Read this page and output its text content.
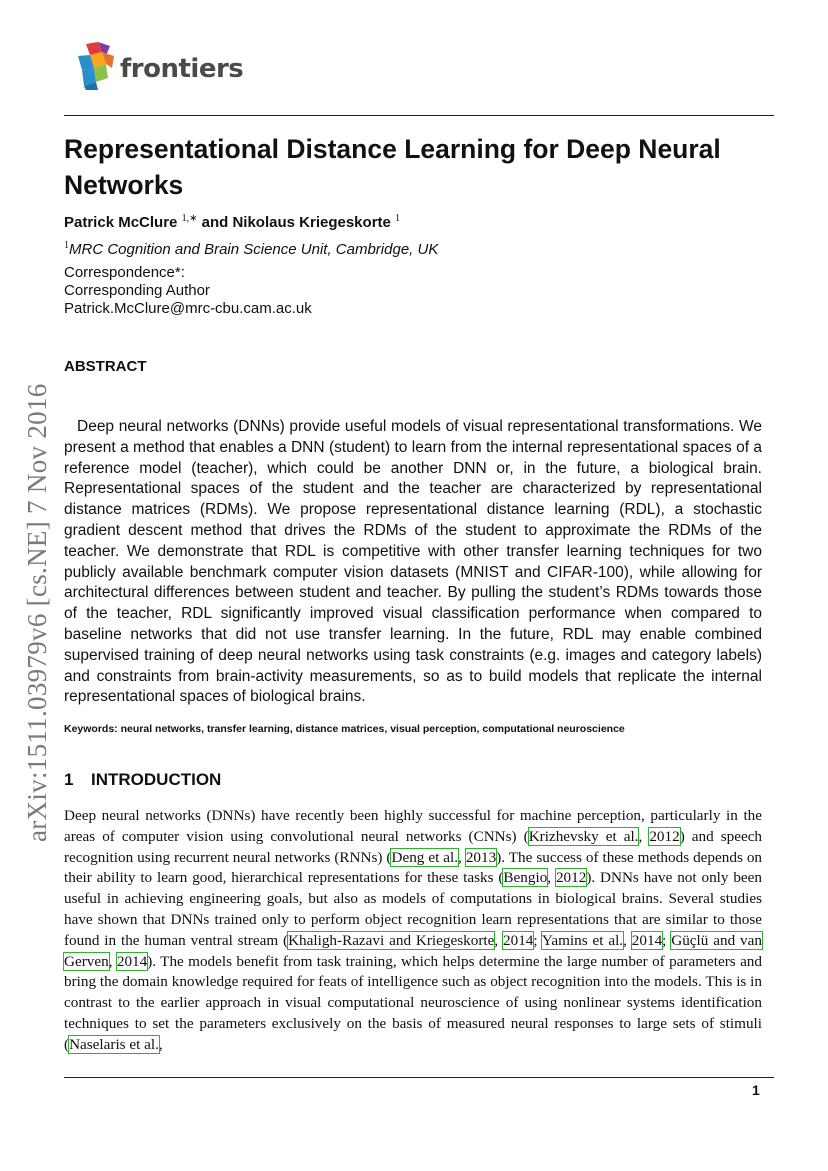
frontiers
Representational Distance Learning for Deep Neural Networks
Patrick McClure $^{1,∗}$ and Nikolaus Kriegeskorte $^1$
$^1$MRC Cognition and Brain Science Unit, Cambridge, UK
Correspondence*:
Corresponding Author
Patrick.McClure@mrc-cbu.cam.ac.uk
ABSTRACT

Deep neural networks (DNNs) provide useful models of visual representational transformations. We present a method that enables a DNN (student) to learn from the internal representational spaces of a reference model (teacher), which could be another DNN or, in the future, a biological brain. Representational spaces of the student and the teacher are characterized by representational distance matrices (RDMs). We propose representational distance learning (RDL), a stochastic gradient descent method that drives the RDMs of the student to approximate the RDMs of the teacher. We demonstrate that RDL is competitive with other transfer learning techniques for two publicly available benchmark computer vision datasets (MNIST and CIFAR-100), while allowing for architectural differences between student and teacher. By pulling the student’s RDMs towards those of the teacher, RDL significantly improved visual classification performance when compared to baseline networks that did not use transfer learning. In the future, RDL may enable combined supervised training of deep neural networks using task constraints (e.g. images and category labels) and constraints from brain-activity measurements, so as to build models that replicate the internal representational spaces of biological brains.

Keywords: neural networks, transfer learning, distance matrices, visual perception, computational neuroscience
1 INTRODUCTION

Deep neural networks (DNNs) have recently been highly successful for machine perception, particularly in the areas of computer vision using convolutional neural networks (CNNs) (Krizhevsky et al., 2012) and speech recognition using recurrent neural networks (RNNs) (Deng et al., 2013). The success of these methods depends on their ability to learn good, hierarchical representations for these tasks (Bengio, 2012). DNNs have not only been useful in achieving engineering goals, but also as models of computations in biological brains. Several studies have shown that DNNs trained only to perform object recognition learn representations that are similar to those found in the human ventral stream (Khaligh-Razavi and Kriegeskorte, 2014; Yamins et al., 2014; Güçlü and van Gerven, 2014). The models benefit from task training, which helps determine the large number of parameters and bring the domain knowledge required for feats of intelligence such as object recognition into the models. This is in contrast to the earlier approach in visual computational neuroscience of using nonlinear systems identification techniques to set the parameters exclusively on the basis of measured neural responses to large sets of stimuli (Naselaris et al.,

arXiv:1511.03979v6 [cs.NE] 7 Nov 2016
1
